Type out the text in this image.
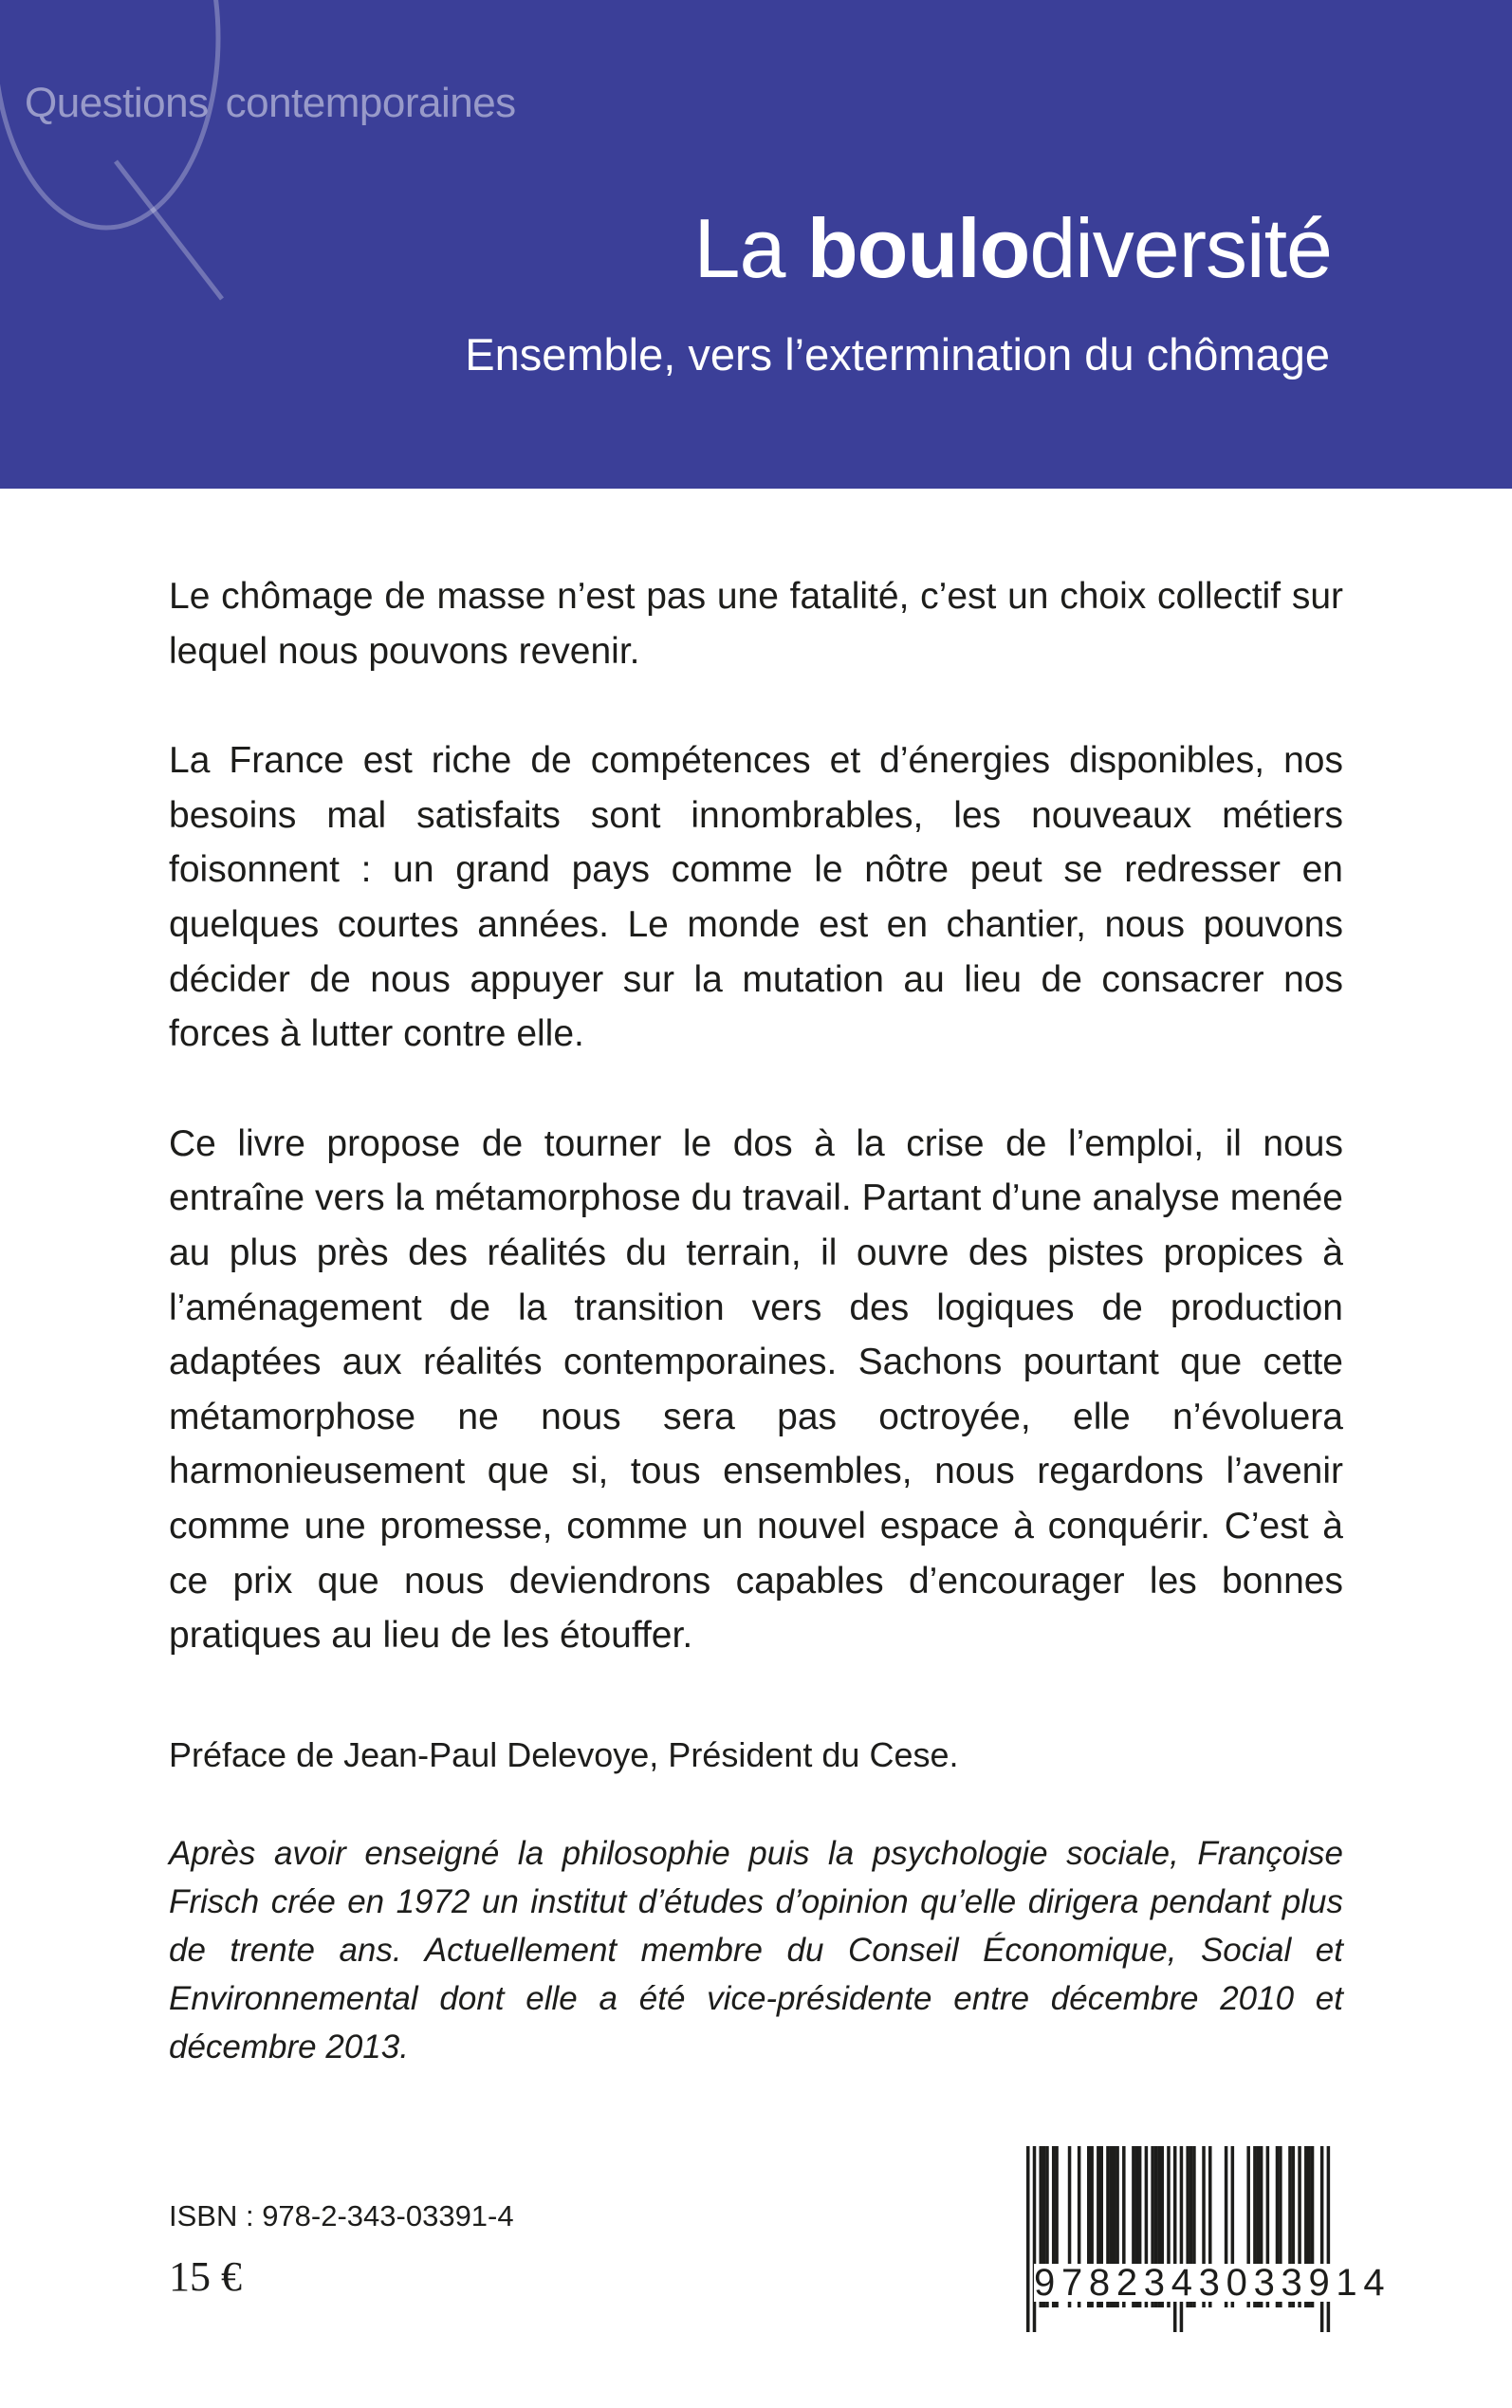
Questions contemporaines
La boulodiversité
Ensemble, vers l’extermination du chômage

Le chômage de masse n’est pas une fatalité, c’est un choix collectif sur lequel nous pouvons revenir.

La France est riche de compétences et d’énergies disponibles, nos besoins mal satisfaits sont innombrables, les nouveaux métiers foisonnent : un grand pays comme le nôtre peut se redresser en quelques courtes années. Le monde est en chantier, nous pouvons décider de nous appuyer sur la mutation au lieu de consacrer nos forces à lutter contre elle.

Ce livre propose de tourner le dos à la crise de l’emploi, il nous entraîne vers la métamorphose du travail. Partant d’une analyse menée au plus près des réalités du terrain, il ouvre des pistes propices à l’aménagement de la transition vers des logiques de production adaptées aux réalités contemporaines. Sachons pourtant que cette métamorphose ne nous sera pas octroyée, elle n’évoluera harmonieusement que si, tous ensembles, nous regardons l’avenir comme une promesse, comme un nouvel espace à conquérir. C’est à ce prix que nous deviendrons capables d’encourager les bonnes pratiques au lieu de les étouffer.

Préface de Jean-Paul Delevoye, Président du Cese.
Après avoir enseigné la philosophie puis la psychologie sociale, Françoise Frisch crée en 1972 un institut d’études d’opinion qu’elle dirigera pendant plus de trente ans. Actuellement membre du Conseil Économique, Social et Environnemental dont elle a été vice-présidente entre décembre 2010 et décembre 2013.
ISBN : 978-2-343-03391-4
15 €	9782343033914
